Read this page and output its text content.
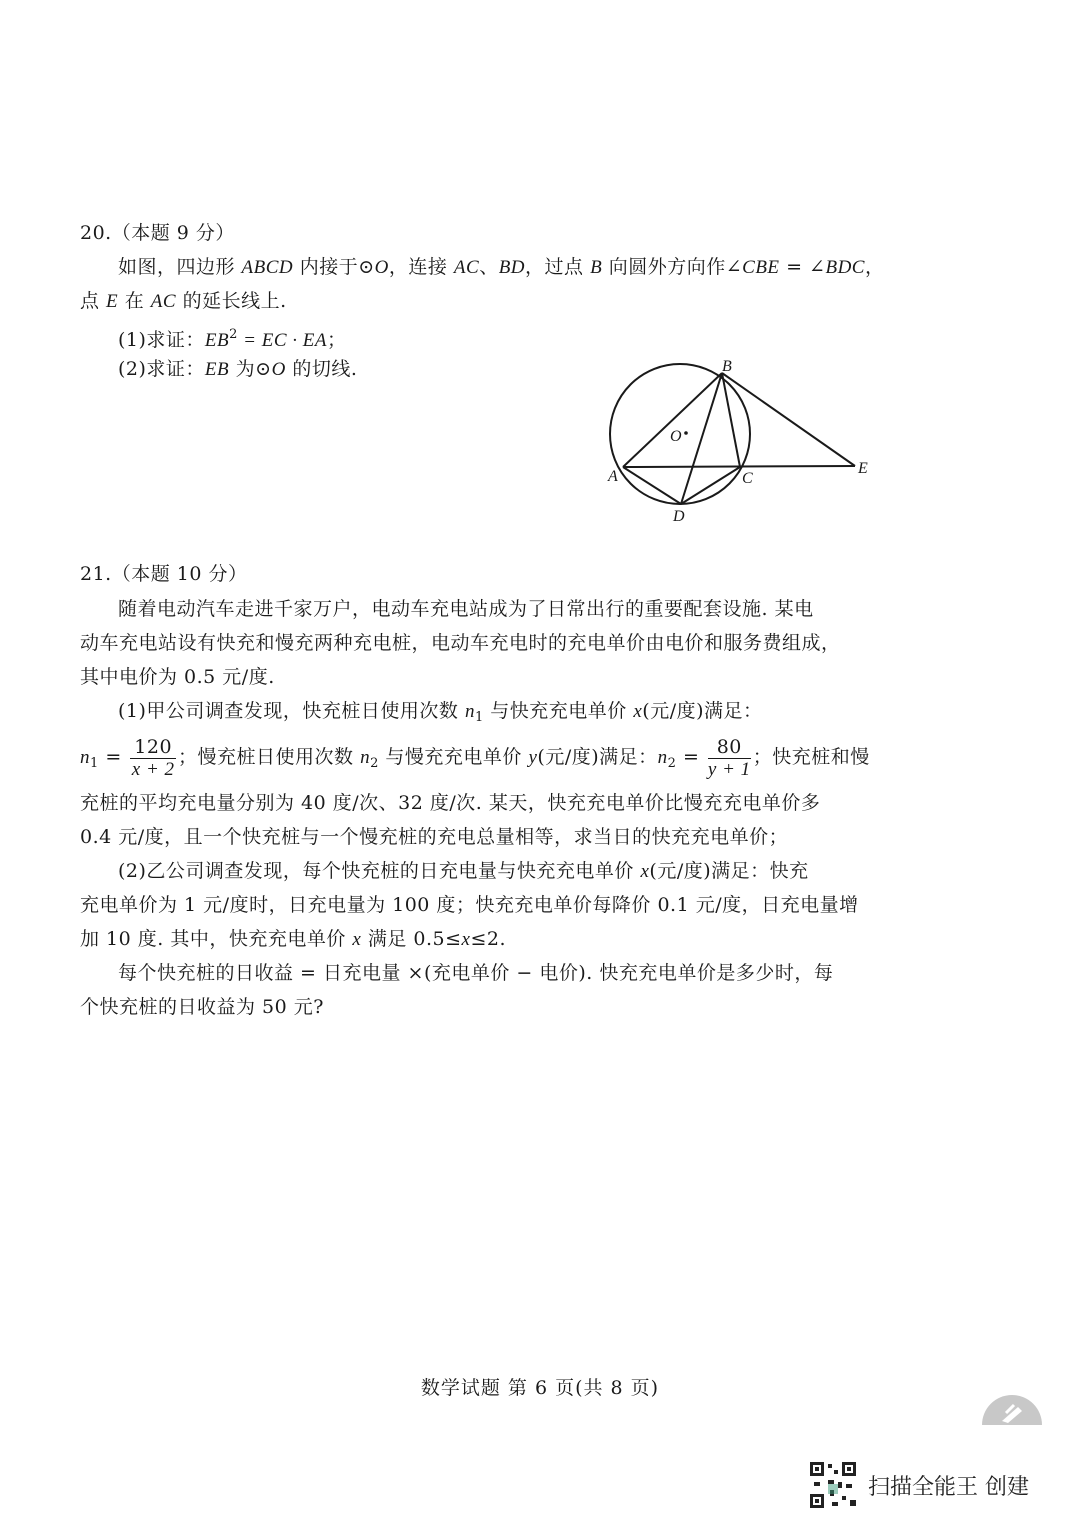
20.（本题 9 分）
如图，四边形 ABCD 内接于⊙O，连接 AC、BD，过点 B 向圆外方向作∠CBE = ∠BDC，
点 E 在 AC 的延长线上.
(1)求证：$EB^2$ = EC · EA；
(2)求证：EB 为⊙O 的切线.	B
O
A	C
D
E
21.（本题 10 分）
随着电动汽车走进千家万户，电动车充电站成为了日常出行的重要配套设施. 某电
动车充电站设有快充和慢充两种充电桩，电动车充电时的充电单价由电价和服务费组成，
其中电价为 0.5 元/度.
(1)甲公司调查发现，快充桩日使用次数 $n_1$ 与快充充电单价 x(元/度)满足：
$n_1 = \frac{120}{x + 2}$ ；慢充桩日使用次数 $n_2$ 与慢充充电单价 y(元/度)满足：$n_2 = \frac{80}{y + 1}$ ；快充桩和慢
充桩的平均充电量分别为 40 度/次、32 度/次. 某天，快充充电单价比慢充充电单价多
0.4 元/度，且一个快充桩与一个慢充桩的充电总量相等，求当日的快充充电单价；
(2)乙公司调查发现，每个快充桩的日充电量与快充充电单价 x(元/度)满足：快充
充电单价为 1 元/度时，日充电量为 100 度；快充充电单价每降价 0.1 元/度，日充电量增
加 10 度. 其中，快充充电单价 x 满足 0.5≤x≤2.
每个快充桩的日收益 = 日充电量 ×(充电单价 − 电价). 快充充电单价是多少时，每
个快充桩的日收益为 50 元?
数学试题 第 6 页(共 8 页)
扫描全能王 创建
